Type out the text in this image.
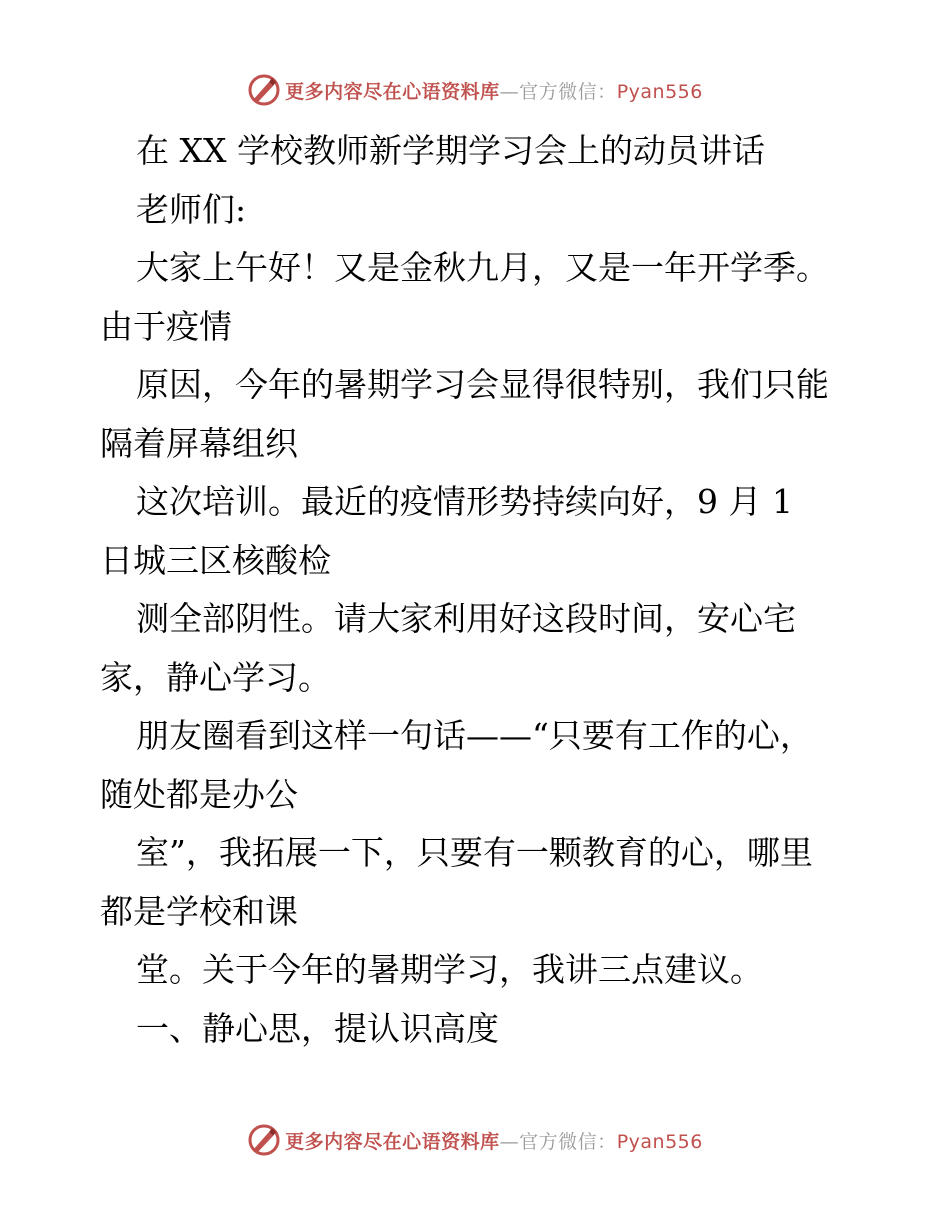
更多内容尽在心语资料库—官方微信：Pyan556
在 XX 学校教师新学期学习会上的动员讲话
老师们:
大家上午好！又是金秋九月，又是一年开学季。
由于疫情
原因，今年的暑期学习会显得很特别，我们只能
隔着屏幕组织
这次培训。最近的疫情形势持续向好，9 月 1
日城三区核酸检
测全部阴性。请大家利用好这段时间，安心宅
家，静心学习。
朋友圈看到这样一句话——“只要有工作的心，
随处都是办公
室”，我拓展一下，只要有一颗教育的心，哪里
都是学校和课
堂。关于今年的暑期学习，我讲三点建议。
一、静心思，提认识高度
更多内容尽在心语资料库—官方微信：Pyan556
